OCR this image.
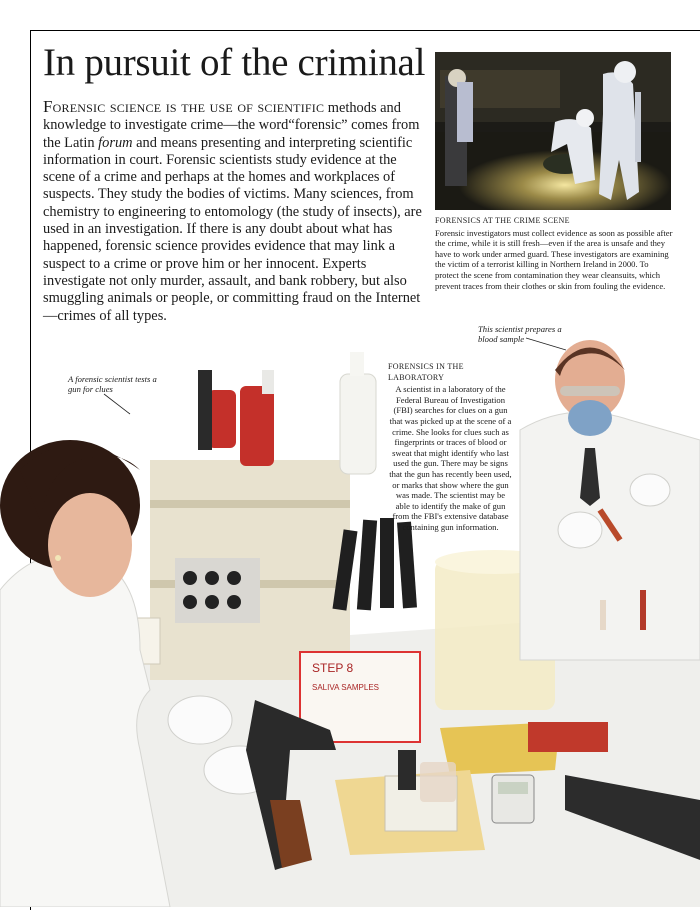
In pursuit of the criminal

Forensic science is the use of scientific methods and knowledge to investigate crime—the word“forensic” comes from the Latin forum and means presenting and interpreting scientific information in court. Forensic scientists study evidence at the scene of a crime and perhaps at the homes and workplaces of suspects. They study the bodies of victims. Many sciences, from chemistry to engineering to entomology (the study of insects), are used in an investigation. If there is any doubt about what has happened, forensic science provides evidence that may link a suspect to a crime or prove him or her innocent. Experts investigate not only murder, assault, and bank robbery, but also smuggling animals or people, or committing fraud on the Internet—crimes of all types.

FORENSICS AT THE CRIME SCENE
Forensic investigators must collect evidence as soon as possible after the crime, while it is still fresh—even if the area is unsafe and they have to work under armed guard. These investigators are examining the victim of a terrorist killing in Northern Ireland in 2000. To protect the scene from contamination they wear cleansuits, which prevent traces from their clothes or skin from fouling the evidence.
STEP 8
SALIVA SAMPLES
This scientist prepares a blood sample
A forensic scientist tests a gun for clues
FORENSICS IN THE LABORATORY
A scientist in a laboratory of the Federal Bureau of Investigation (FBI) searches for clues on a gun that was picked up at the scene of a crime. She looks for clues such as fingerprints or traces of blood or sweat that might identify who last used the gun. There may be signs that the gun has recently been used, or marks that show where the gun was made. The scientist may be able to identify the make of gun from the FBI's extensive database containing gun information.
